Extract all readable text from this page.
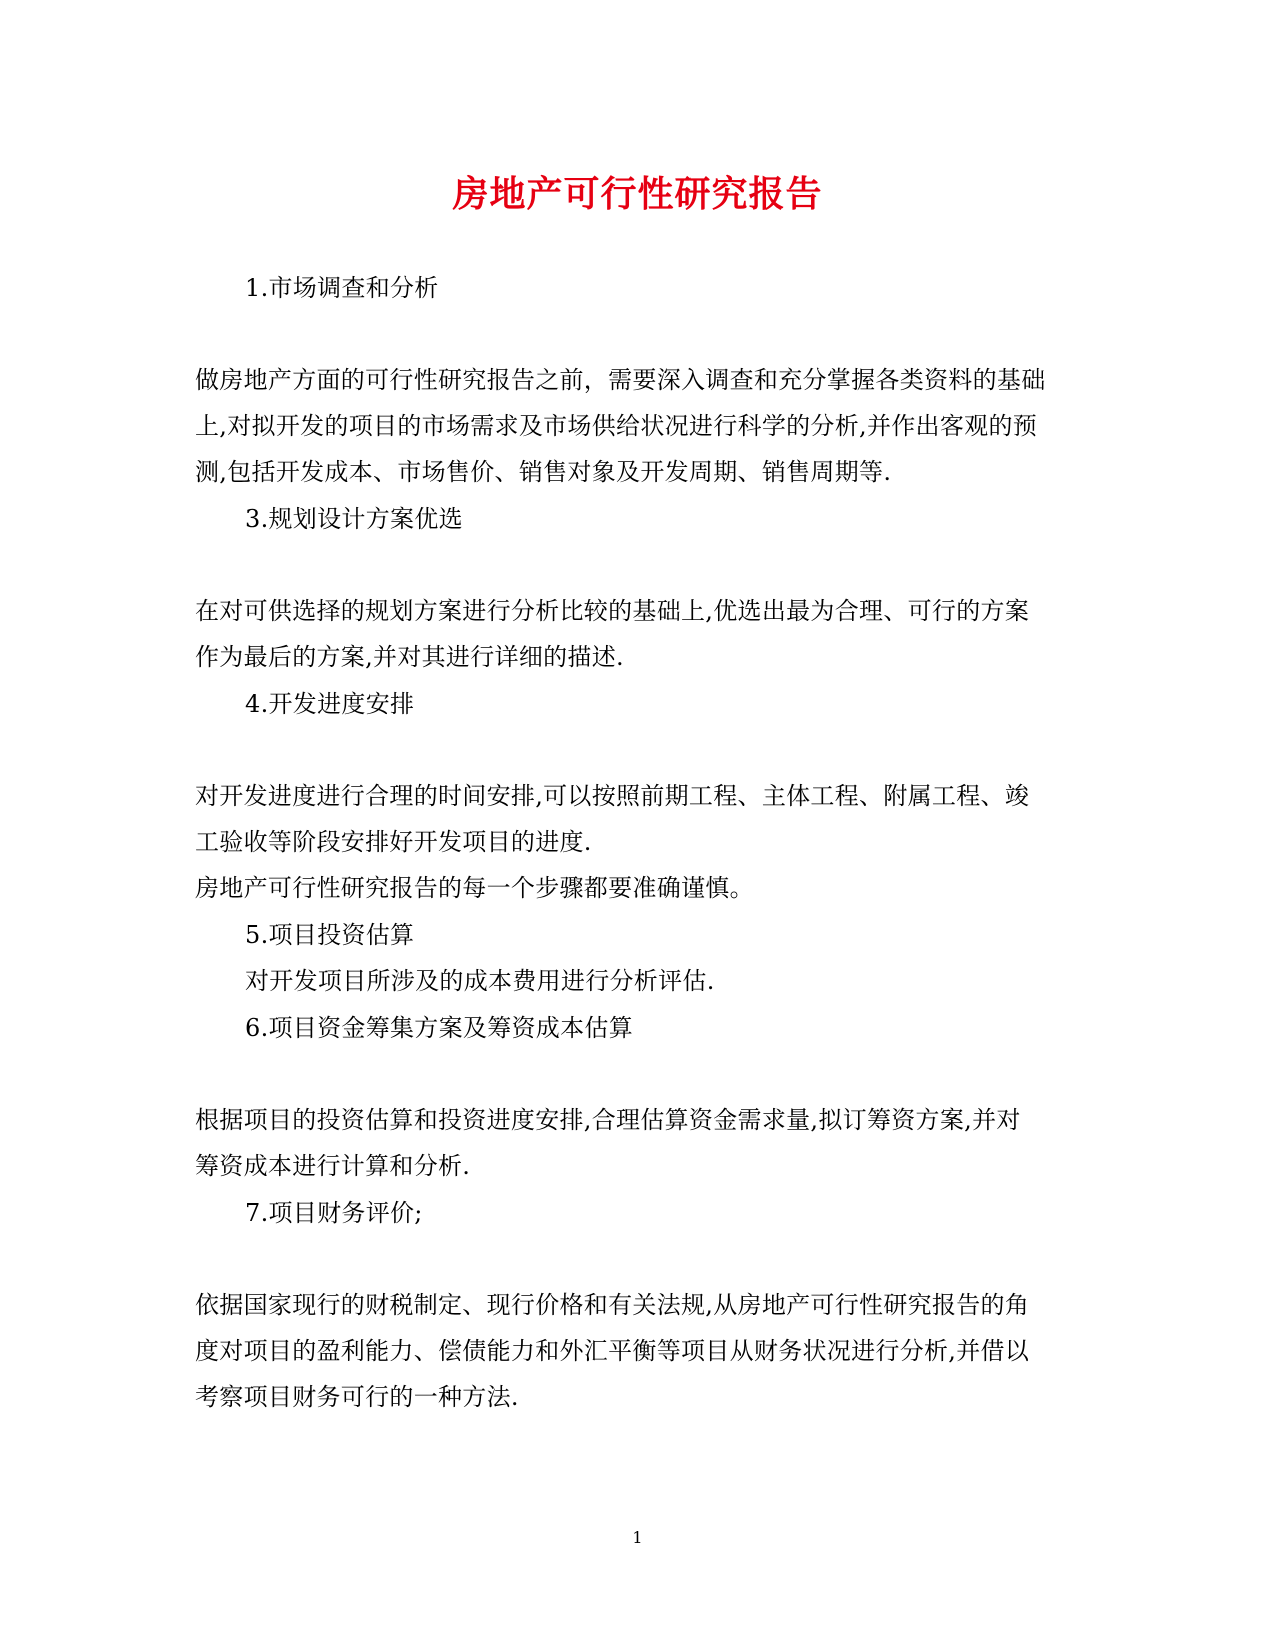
房地产可行性研究报告
1.市场调查和分析
做房地产方面的可行性研究报告之前，需要深入调查和充分掌握各类资料的基础
上,对拟开发的项目的市场需求及市场供给状况进行科学的分析,并作出客观的预
测,包括开发成本、市场售价、销售对象及开发周期、销售周期等.
3.规划设计方案优选
在对可供选择的规划方案进行分析比较的基础上,优选出最为合理、可行的方案
作为最后的方案,并对其进行详细的描述.
4.开发进度安排
对开发进度进行合理的时间安排,可以按照前期工程、主体工程、附属工程、竣
工验收等阶段安排好开发项目的进度.
房地产可行性研究报告的每一个步骤都要准确谨慎。
5.项目投资估算
对开发项目所涉及的成本费用进行分析评估.
6.项目资金筹集方案及筹资成本估算
根据项目的投资估算和投资进度安排,合理估算资金需求量,拟订筹资方案,并对
筹资成本进行计算和分析.
7.项目财务评价;
依据国家现行的财税制定、现行价格和有关法规,从房地产可行性研究报告的角
度对项目的盈利能力、偿债能力和外汇平衡等项目从财务状况进行分析,并借以
考察项目财务可行的一种方法.
1
